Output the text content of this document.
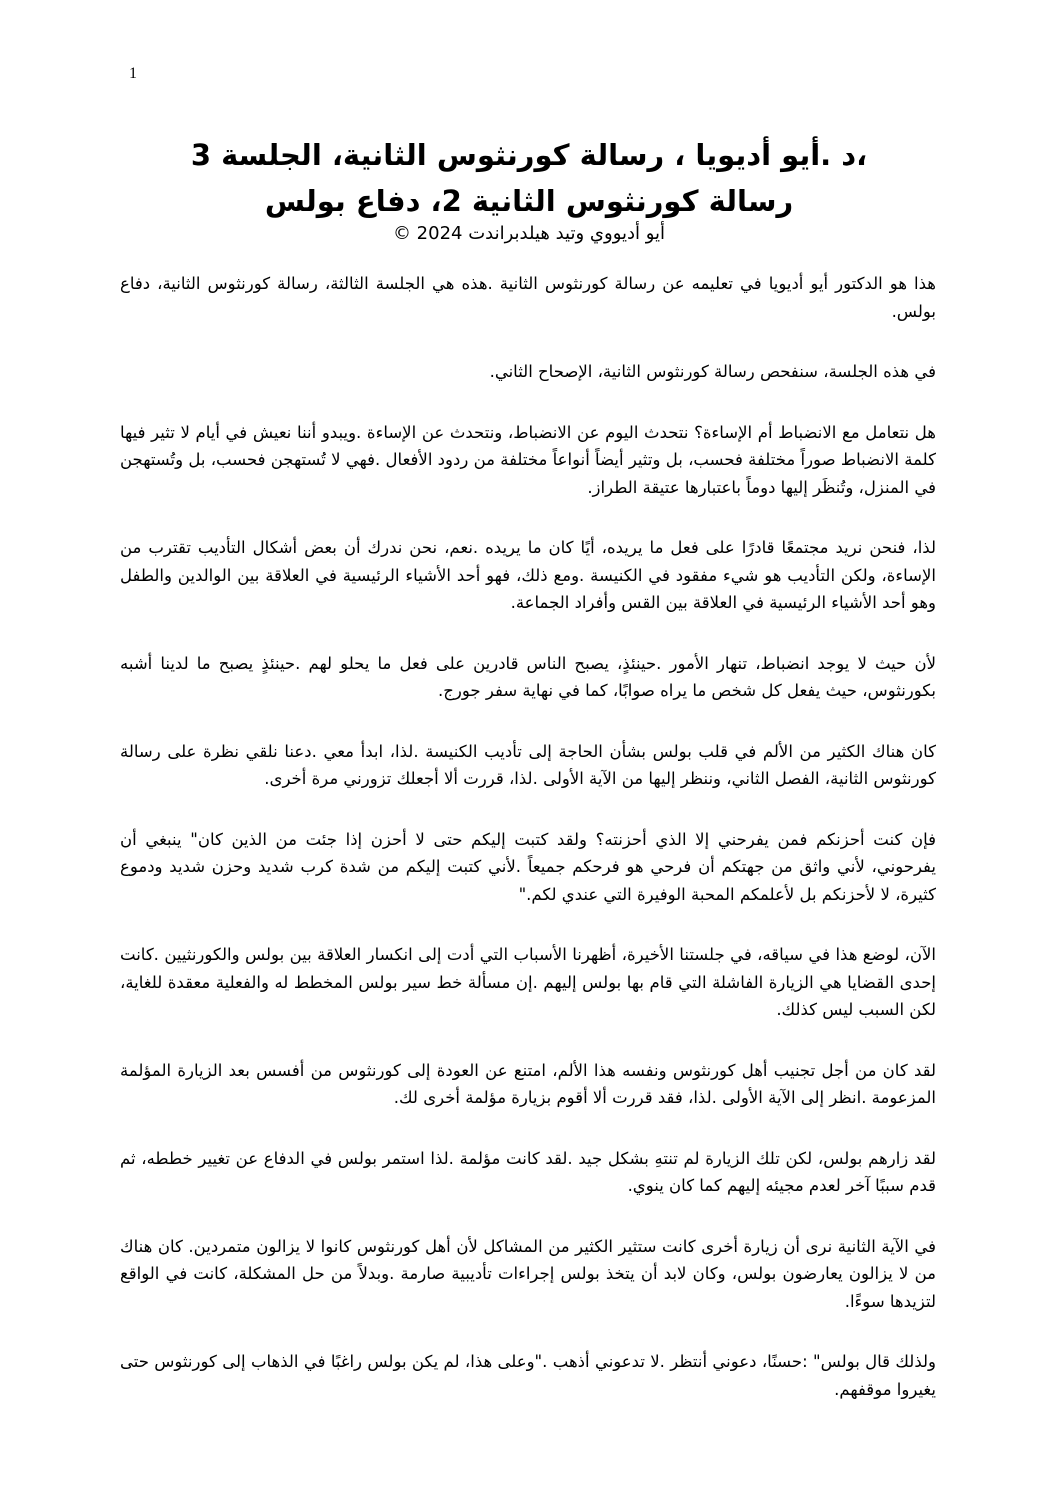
1
،د .أيو أديويا ، رسالة كورنثوس الثانية، الجلسة 3
رسالة كورنثوس الثانية 2، دفاع بولس
أيو أديووي وتيد هيلدبراندت 2024 ©

هذا هو الدكتور أيو أديويا في تعليمه عن رسالة كورنثوس الثانية .هذه هي الجلسة الثالثة، رسالة كورنثوس الثانية، دفاع بولس.

في هذه الجلسة، سنفحص رسالة كورنثوس الثانية، الإصحاح الثاني.

هل نتعامل مع الانضباط أم الإساءة؟ نتحدث اليوم عن الانضباط، ونتحدث عن الإساءة .ويبدو أننا نعيش في أيام لا تثير فيها كلمة الانضباط صوراً مختلفة فحسب، بل وتثير أيضاً أنواعاً مختلفة من ردود الأفعال .فهي لا تُستهجن فحسب، بل وتُستهجن في المنزل، وتُنظَر إليها دوماً باعتبارها عتيقة الطراز.

لذا، فنحن نريد مجتمعًا قادرًا على فعل ما يريده، أيًا كان ما يريده .نعم، نحن ندرك أن بعض أشكال التأديب تقترب من الإساءة، ولكن التأديب هو شيء مفقود في الكنيسة .ومع ذلك، فهو أحد الأشياء الرئيسية في العلاقة بين الوالدين والطفل وهو أحد الأشياء الرئيسية في العلاقة بين القس وأفراد الجماعة.

لأن حيث لا يوجد انضباط، تنهار الأمور .حينئذٍ، يصبح الناس قادرين على فعل ما يحلو لهم .حينئذٍ يصبح ما لدينا أشبه بكورنثوس، حيث يفعل كل شخص ما يراه صوابًا، كما في نهاية سفر جورج.

كان هناك الكثير من الألم في قلب بولس بشأن الحاجة إلى تأديب الكنيسة .لذا، ابدأ معي .دعنا نلقي نظرة على رسالة كورنثوس الثانية، الفصل الثاني، وننظر إليها من الآية الأولى .لذا، قررت ألا أجعلك تزورني مرة أخرى.

فإن كنت أحزنكم فمن يفرحني إلا الذي أحزنته؟ ولقد كتبت إليكم حتى لا أحزن إذا جئت من الذين كان" ينبغي أن يفرحوني، لأني واثق من جهتكم أن فرحي هو فرحكم جميعاً .لأني كتبت إليكم من شدة كرب شديد وحزن شديد ودموع كثيرة، لا لأحزنكم بل لأعلمكم المحبة الوفيرة التي عندي لكم."

الآن، لوضع هذا في سياقه، في جلستنا الأخيرة، أظهرنا الأسباب التي أدت إلى انكسار العلاقة بين بولس والكورنثيين .كانت إحدى القضايا هي الزيارة الفاشلة التي قام بها بولس إليهم .إن مسألة خط سير بولس المخطط له والفعلية معقدة للغاية، لكن السبب ليس كذلك.

لقد كان من أجل تجنيب أهل كورنثوس ونفسه هذا الألم، امتنع عن العودة إلى كورنثوس من أفسس بعد الزيارة المؤلمة المزعومة .انظر إلى الآية الأولى .لذا، فقد قررت ألا أقوم بزيارة مؤلمة أخرى لك.

لقد زارهم بولس، لكن تلك الزيارة لم تنتهِ بشكل جيد .لقد كانت مؤلمة .لذا استمر بولس في الدفاع عن تغيير خططه، ثم قدم سببًا آخر لعدم مجيئه إليهم كما كان ينوي.

في الآية الثانية نرى أن زيارة أخرى كانت ستثير الكثير من المشاكل لأن أهل كورنثوس كانوا لا يزالون متمردين. كان هناك من لا يزالون يعارضون بولس، وكان لابد أن يتخذ بولس إجراءات تأديبية صارمة .وبدلاً من حل المشكلة، كانت في الواقع لتزيدها سوءًا.

ولذلك قال بولس" :حسنًا، دعوني أنتظر .لا تدعوني أذهب ."وعلى هذا، لم يكن بولس راغبًا في الذهاب إلى كورنثوس حتى يغيروا موقفهم.
